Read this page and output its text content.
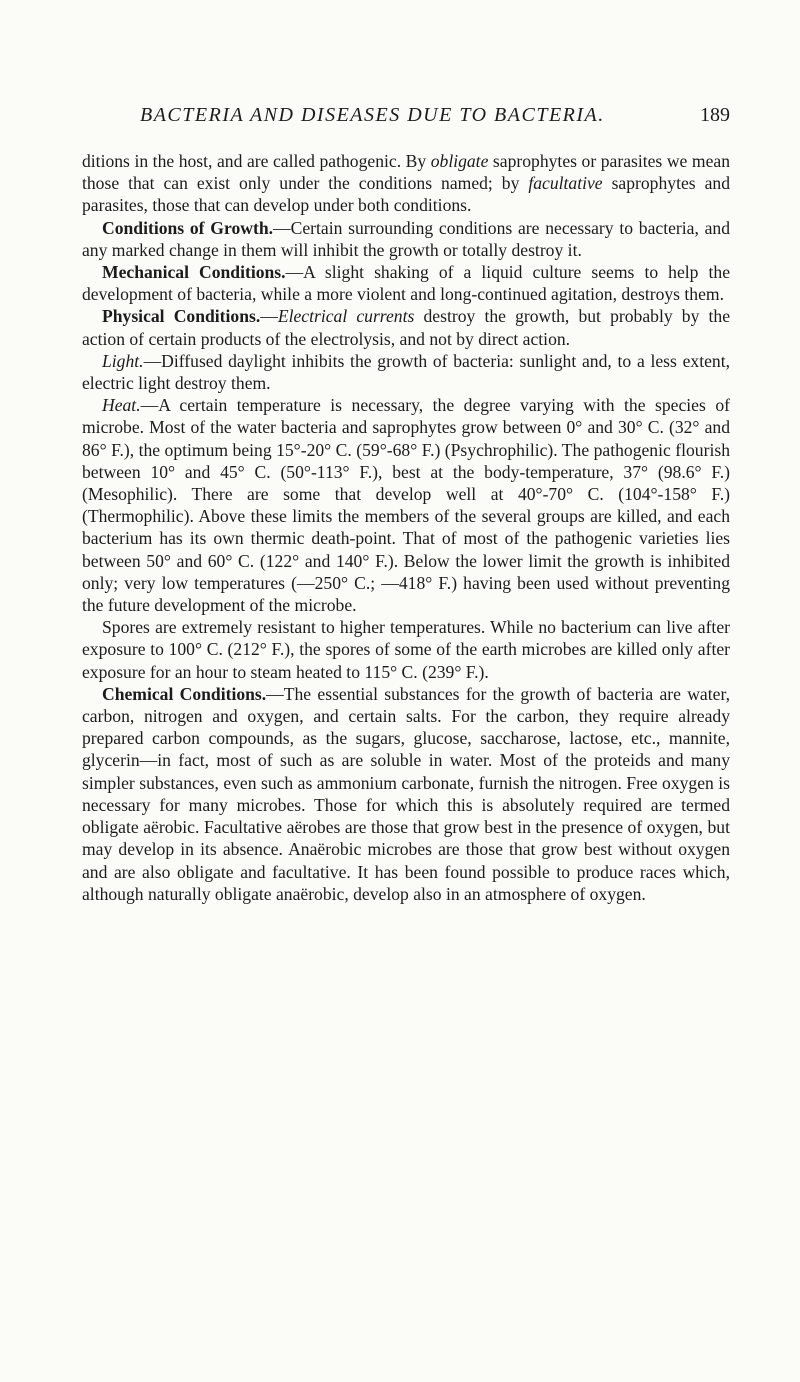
BACTERIA AND DISEASES DUE TO BACTERIA.	189

ditions in the host, and are called pathogenic. By obligate saprophytes or parasites we mean those that can exist only under the conditions named; by facultative saprophytes and parasites, those that can develop under both conditions.

Conditions of Growth.—Certain surrounding conditions are necessary to bacteria, and any marked change in them will inhibit the growth or totally destroy it.

Mechanical Conditions.—A slight shaking of a liquid culture seems to help the development of bacteria, while a more violent and long-continued agitation, destroys them.

Physical Conditions.—Electrical currents destroy the growth, but probably by the action of certain products of the electrolysis, and not by direct action.

Light.—Diffused daylight inhibits the growth of bacteria: sunlight and, to a less extent, electric light destroy them.

Heat.—A certain temperature is necessary, the degree varying with the species of microbe. Most of the water bacteria and saprophytes grow between 0° and 30° C. (32° and 86° F.), the optimum being 15°-20° C. (59°-68° F.) (Psychrophilic). The pathogenic flourish between 10° and 45° C. (50°-113° F.), best at the body-temperature, 37° (98.6° F.) (Mesophilic). There are some that develop well at 40°-70° C. (104°-158° F.) (Thermophilic). Above these limits the members of the several groups are killed, and each bacterium has its own thermic death-point. That of most of the pathogenic varieties lies between 50° and 60° C. (122° and 140° F.). Below the lower limit the growth is inhibited only; very low temperatures (—250° C.; —418° F.) having been used without preventing the future development of the microbe.

Spores are extremely resistant to higher temperatures. While no bacterium can live after exposure to 100° C. (212° F.), the spores of some of the earth microbes are killed only after exposure for an hour to steam heated to 115° C. (239° F.).

Chemical Conditions.—The essential substances for the growth of bacteria are water, carbon, nitrogen and oxygen, and certain salts. For the carbon, they require already prepared carbon compounds, as the sugars, glucose, saccharose, lactose, etc., mannite, glycerin—in fact, most of such as are soluble in water. Most of the proteids and many simpler substances, even such as ammonium carbonate, furnish the nitrogen. Free oxygen is necessary for many microbes. Those for which this is absolutely required are termed obligate aërobic. Facultative aërobes are those that grow best in the presence of oxygen, but may develop in its absence. Anaërobic microbes are those that grow best without oxygen and are also obligate and facultative. It has been found possible to produce races which, although naturally obligate anaërobic, develop also in an atmosphere of oxygen.
